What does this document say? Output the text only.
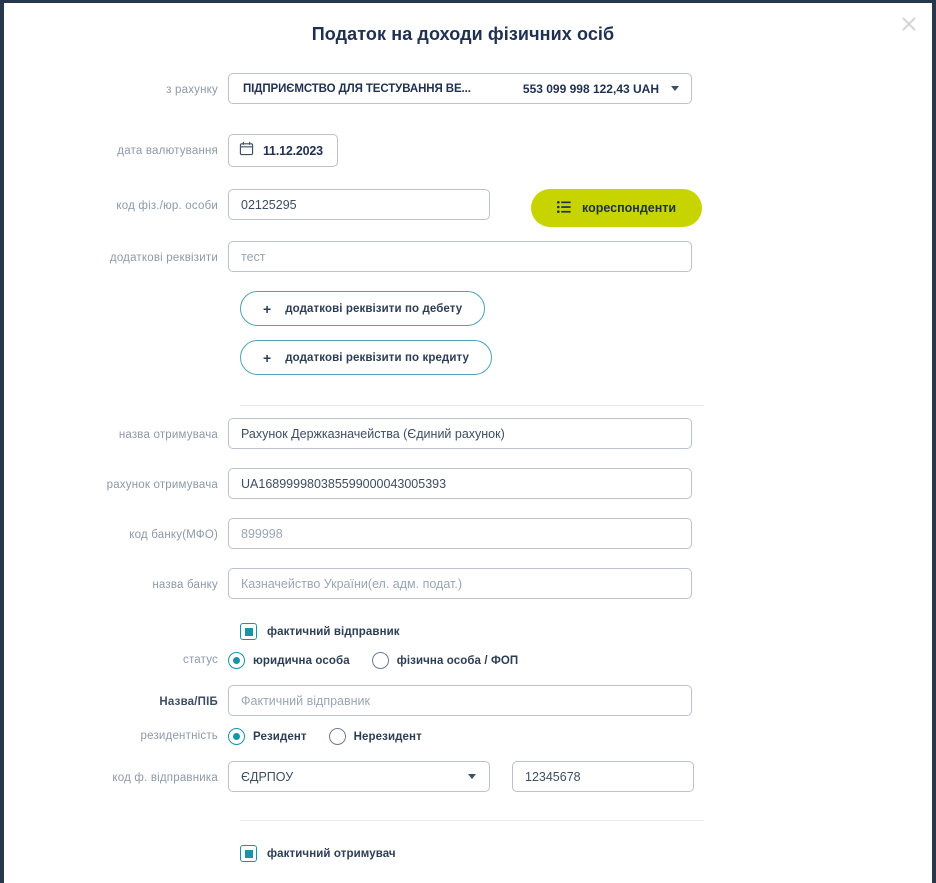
Податок на доходи фізичних осіб
з рахунку	ПІДПРИЄМСТВО ДЛЯ ТЕСТУВАННЯ ВЕ...	553 099 998 122,43 UAH
дата валютування	11.12.2023
код фіз./юр. особи	02125295	кореспонденти
додаткові реквізити	тест
+ додаткові реквізити по дебету
+ додаткові реквізити по кредиту
назва отримувача	Рахунок Держказначейства (Єдиний рахунок)
рахунок отримувача	UA168999980385599000043005393
код банку(МФО)	899998
назва банку	Казначейство України(ел. адм. подат.)
фактичний відправник
статус	юридична особа	фізична особа / ФОП
Назва/ПІБ	Фактичний відправник
резидентність	Резидент	Нерезидент
код ф. відправника	ЄДРПОУ	12345678
фактичний отримувач
